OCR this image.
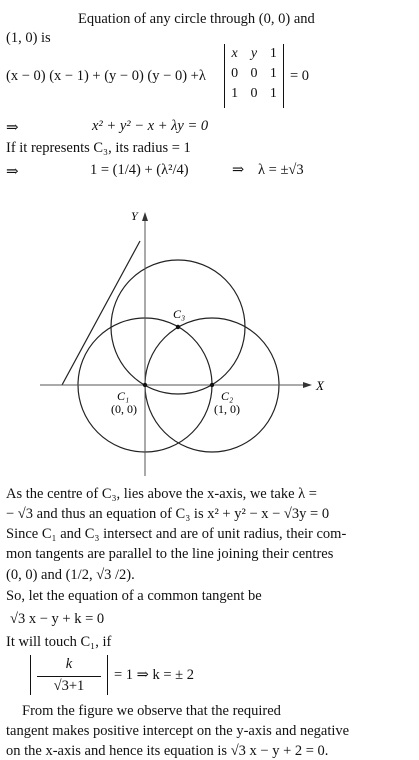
Equation of any circle through (0, 0) and
(1, 0) is
(x − 0) (x − 1) + (y − 0) (y − 0) +λ
x	y	1
0	0	1
1	0	1
= 0
⇒	x² + y² − x + λy = 0
If it represents C₃, its radius = 1
⇒	1 = (1/4) + (λ²/4)	⇒ λ = ±√3
Y
X
C₃
C₁
(0, 0)
C₂
(1, 0)
As the centre of C₃, lies above the x-axis, we take λ =
− √3 and thus an equation of C₃ is x² + y² − x − √3y = 0
Since C₁ and C₃ intersect and are of unit radius, their com-
mon tangents are parallel to the line joining their centres
(0, 0) and (1/2, √3 /2).
So, let the equation of a common tangent be
√3 x − y + k = 0
It will touch C₁, if
k
√3+1
= 1 ⇒ k = ± 2
From the figure we observe that the required
tangent makes positive intercept on the y-axis and negative
on the x-axis and hence its equation is √3 x − y + 2 = 0.
